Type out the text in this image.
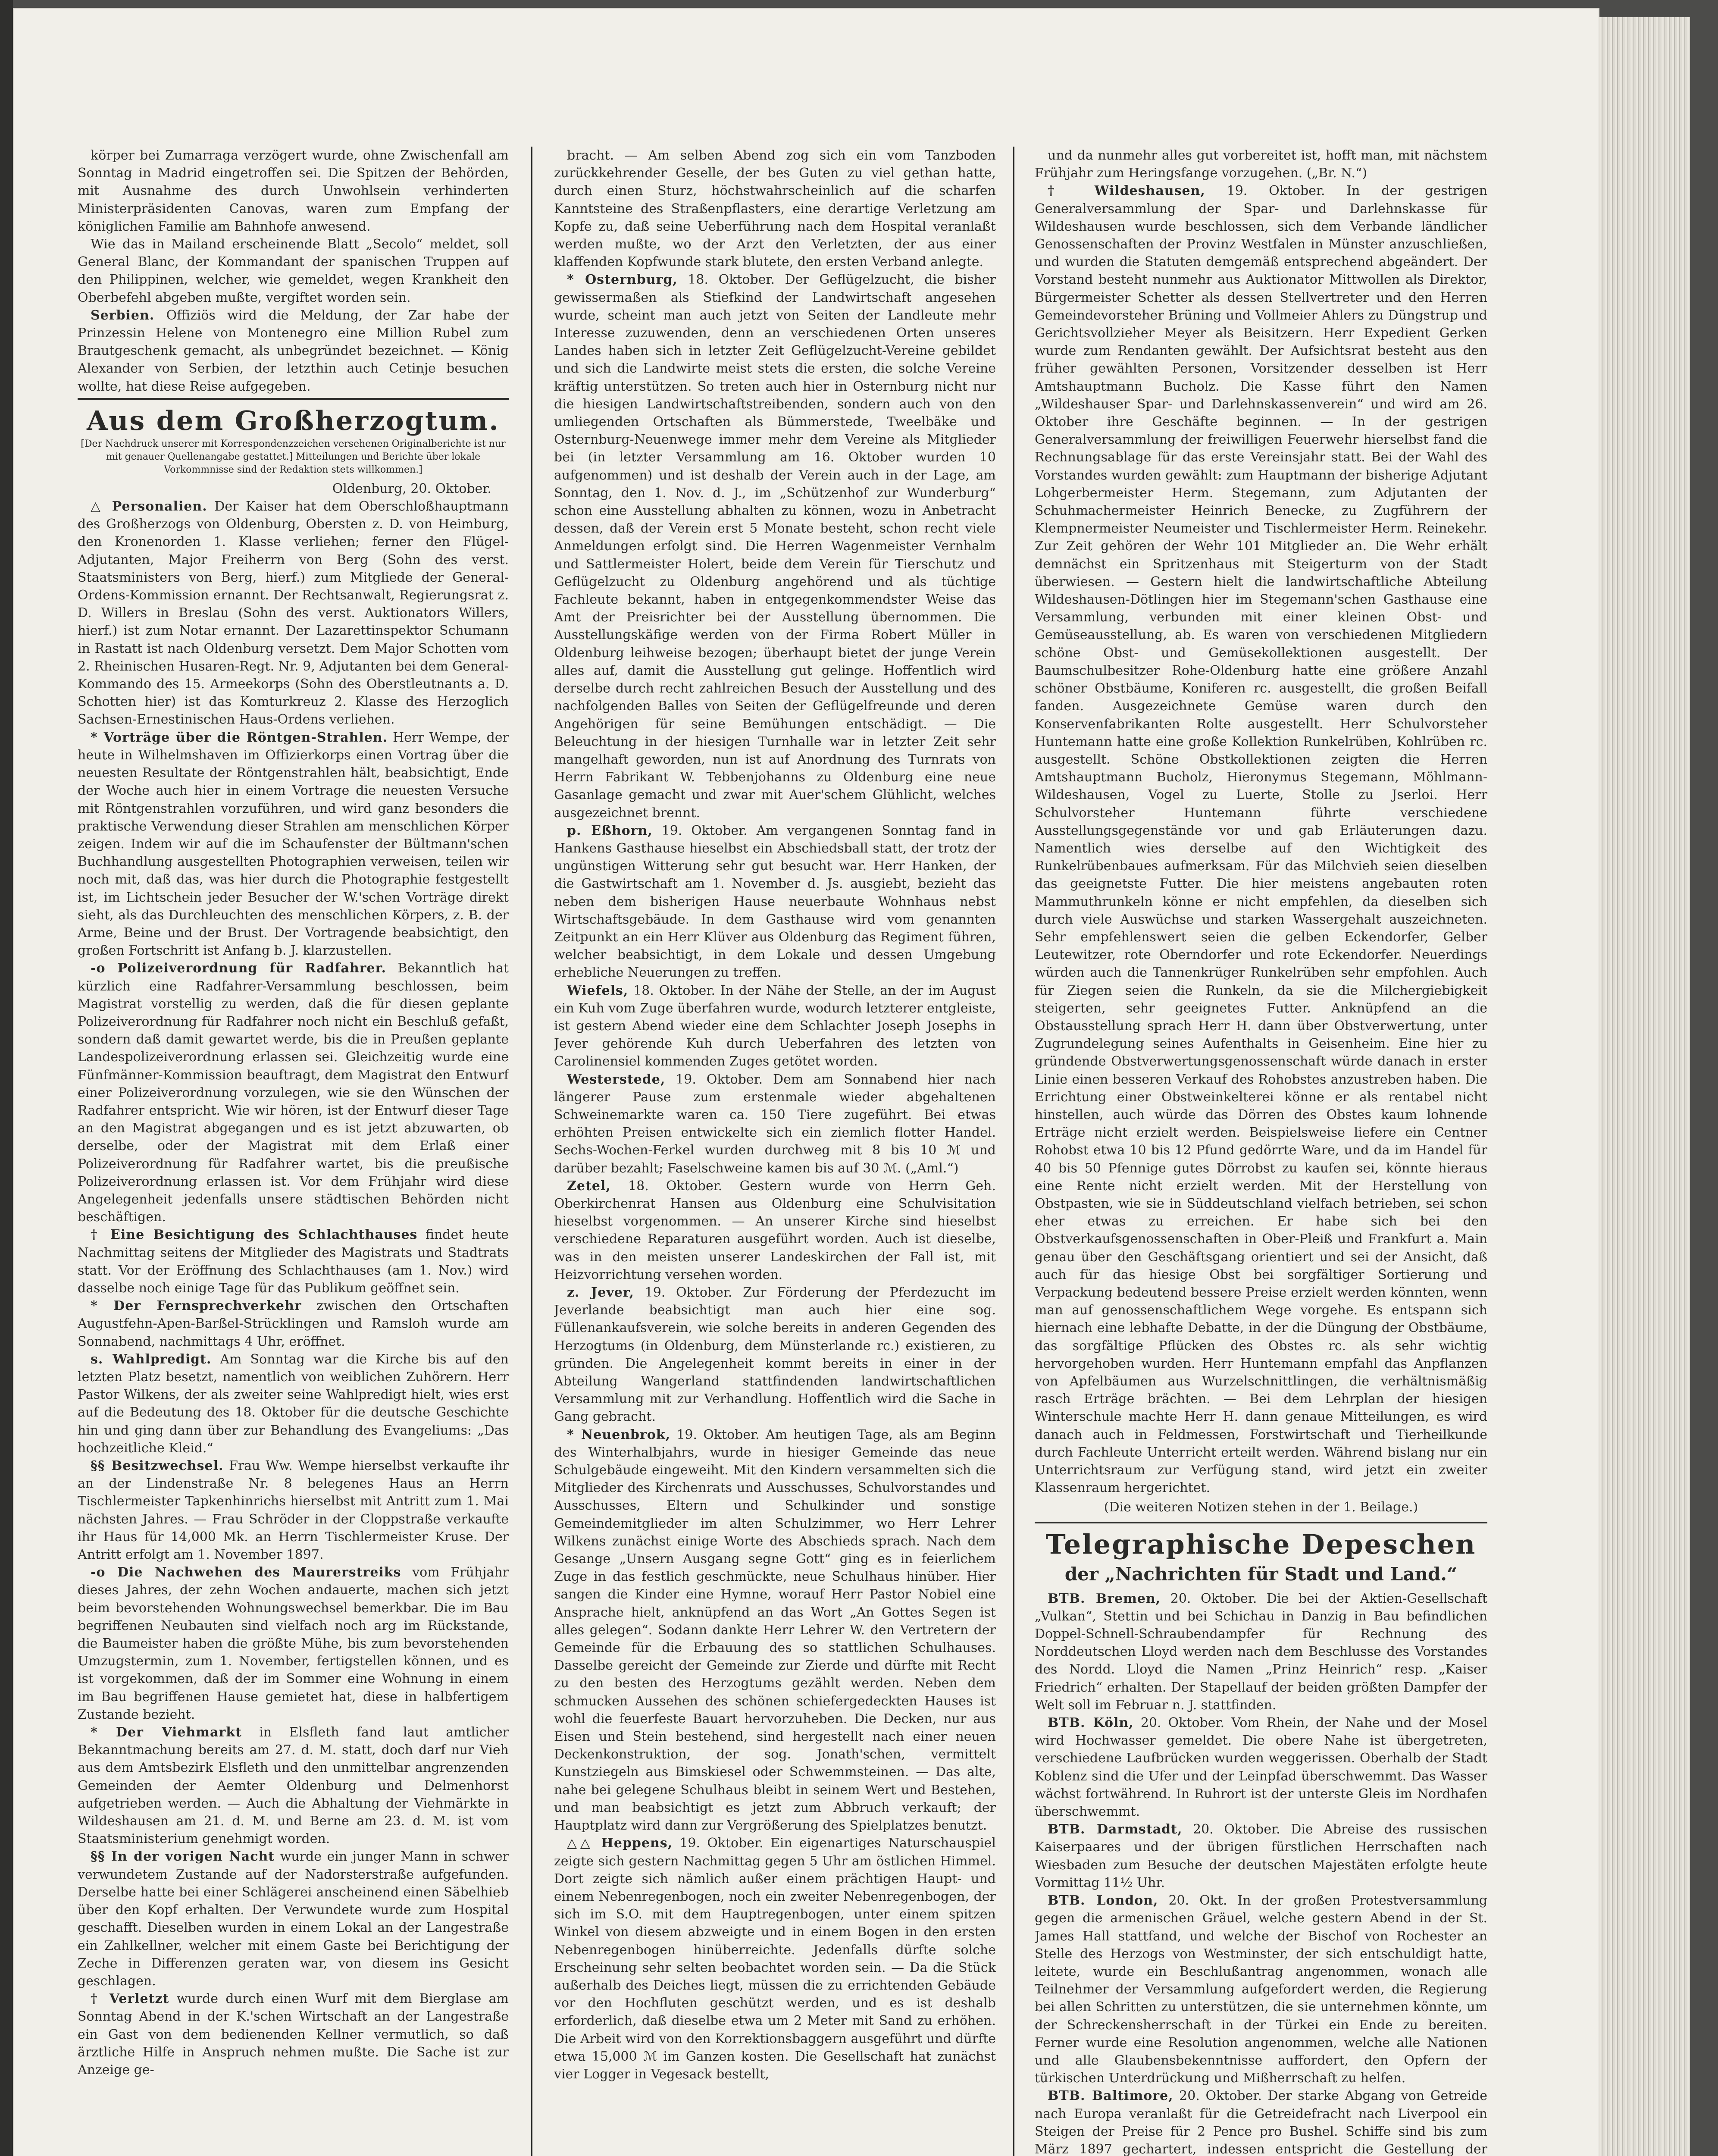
körper bei Zumarraga verzögert wurde, ohne Zwischenfall am Sonntag in Madrid eingetroffen sei. Die Spitzen der Behörden, mit Ausnahme des durch Unwohlsein verhinderten Ministerpräsidenten Canovas, waren zum Empfang der königlichen Familie am Bahnhofe anwesend.

Wie das in Mailand erscheinende Blatt „Secolo“ meldet, soll General Blanc, der Kommandant der spanischen Truppen auf den Philippinen, welcher, wie gemeldet, wegen Krankheit den Oberbefehl abgeben mußte, vergiftet worden sein.

Serbien. Offiziös wird die Meldung, der Zar habe der Prinzessin Helene von Montenegro eine Million Rubel zum Brautgeschenk gemacht, als unbegründet bezeichnet. — König Alexander von Serbien, der letzthin auch Cetinje besuchen wollte, hat diese Reise aufgegeben.

Aus dem Großherzogtum.

[Der Nachdruck unserer mit Korrespondenzzeichen versehenen Originalberichte ist nur mit genauer Quellenangabe gestattet.] Mitteilungen und Berichte über lokale Vorkommnisse sind der Redaktion stets willkommen.]

Oldenburg, 20. Oktober.

△ Personalien. Der Kaiser hat dem Oberschloßhauptmann des Großherzogs von Oldenburg, Obersten z. D. von Heimburg, den Kronenorden 1. Klasse verliehen; ferner den Flügel-Adjutanten, Major Freiherrn von Berg (Sohn des verst. Staatsministers von Berg, hierf.) zum Mitgliede der General-Ordens-Kommission ernannt. Der Rechtsanwalt, Regierungsrat z. D. Willers in Breslau (Sohn des verst. Auktionators Willers, hierf.) ist zum Notar ernannt. Der Lazarettinspektor Schumann in Rastatt ist nach Oldenburg versetzt. Dem Major Schotten vom 2. Rheinischen Husaren-Regt. Nr. 9, Adjutanten bei dem General-Kommando des 15. Armeekorps (Sohn des Oberstleutnants a. D. Schotten hier) ist das Komturkreuz 2. Klasse des Herzoglich Sachsen-Ernestinischen Haus-Ordens verliehen.

* Vorträge über die Röntgen-Strahlen. Herr Wempe, der heute in Wilhelmshaven im Offizierkorps einen Vortrag über die neuesten Resultate der Röntgenstrahlen hält, beabsichtigt, Ende der Woche auch hier in einem Vortrage die neuesten Versuche mit Röntgenstrahlen vorzuführen, und wird ganz besonders die praktische Verwendung dieser Strahlen am menschlichen Körper zeigen. Indem wir auf die im Schaufenster der Bültmann'schen Buchhandlung ausgestellten Photographien verweisen, teilen wir noch mit, daß das, was hier durch die Photographie festgestellt ist, im Lichtschein jeder Besucher der W.'schen Vorträge direkt sieht, als das Durchleuchten des menschlichen Körpers, z. B. der Arme, Beine und der Brust. Der Vortragende beabsichtigt, den großen Fortschritt ist Anfang b. J. klarzustellen.

-o Polizeiverordnung für Radfahrer. Bekanntlich hat kürzlich eine Radfahrer-Versammlung beschlossen, beim Magistrat vorstellig zu werden, daß die für diesen geplante Polizeiverordnung für Radfahrer noch nicht ein Beschluß gefaßt, sondern daß damit gewartet werde, bis die in Preußen geplante Landespolizeiverordnung erlassen sei. Gleichzeitig wurde eine Fünfmänner-Kommission beauftragt, dem Magistrat den Entwurf einer Polizeiverordnung vorzulegen, wie sie den Wünschen der Radfahrer entspricht. Wie wir hören, ist der Entwurf dieser Tage an den Magistrat abgegangen und es ist jetzt abzuwarten, ob derselbe, oder der Magistrat mit dem Erlaß einer Polizeiverordnung für Radfahrer wartet, bis die preußische Polizeiverordnung erlassen ist. Vor dem Frühjahr wird diese Angelegenheit jedenfalls unsere städtischen Behörden nicht beschäftigen.

† Eine Besichtigung des Schlachthauses findet heute Nachmittag seitens der Mitglieder des Magistrats und Stadtrats statt. Vor der Eröffnung des Schlachthauses (am 1. Nov.) wird dasselbe noch einige Tage für das Publikum geöffnet sein.

* Der Fernsprechverkehr zwischen den Ortschaften Augustfehn-Apen-Barßel-Strücklingen und Ramsloh wurde am Sonnabend, nachmittags 4 Uhr, eröffnet.

s. Wahlpredigt. Am Sonntag war die Kirche bis auf den letzten Platz besetzt, namentlich von weiblichen Zuhörern. Herr Pastor Wilkens, der als zweiter seine Wahlpredigt hielt, wies erst auf die Bedeutung des 18. Oktober für die deutsche Geschichte hin und ging dann über zur Behandlung des Evangeliums: „Das hochzeitliche Kleid.“

§§ Besitzwechsel. Frau Ww. Wempe hierselbst verkaufte ihr an der Lindenstraße Nr. 8 belegenes Haus an Herrn Tischlermeister Tapkenhinrichs hierselbst mit Antritt zum 1. Mai nächsten Jahres. — Frau Schröder in der Cloppstraße verkaufte ihr Haus für 14,000 Mk. an Herrn Tischlermeister Kruse. Der Antritt erfolgt am 1. November 1897.

-o Die Nachwehen des Maurerstreiks vom Frühjahr dieses Jahres, der zehn Wochen andauerte, machen sich jetzt beim bevorstehenden Wohnungswechsel bemerkbar. Die im Bau begriffenen Neubauten sind vielfach noch arg im Rückstande, die Baumeister haben die größte Mühe, bis zum bevorstehenden Umzugstermin, zum 1. November, fertigstellen können, und es ist vorgekommen, daß der im Sommer eine Wohnung in einem im Bau begriffenen Hause gemietet hat, diese in halbfertigem Zustande bezieht.

* Der Viehmarkt in Elsfleth fand laut amtlicher Bekanntmachung bereits am 27. d. M. statt, doch darf nur Vieh aus dem Amtsbezirk Elsfleth und den unmittelbar angrenzenden Gemeinden der Aemter Oldenburg und Delmenhorst aufgetrieben werden. — Auch die Abhaltung der Viehmärkte in Wildeshausen am 21. d. M. und Berne am 23. d. M. ist vom Staatsministerium genehmigt worden.

§§ In der vorigen Nacht wurde ein junger Mann in schwer verwundetem Zustande auf der Nadorsterstraße aufgefunden. Derselbe hatte bei einer Schlägerei anscheinend einen Säbelhieb über den Kopf erhalten. Der Verwundete wurde zum Hospital geschafft. Dieselben wurden in einem Lokal an der Langestraße ein Zahlkellner, welcher mit einem Gaste bei Berichtigung der Zeche in Differenzen geraten war, von diesem ins Gesicht geschlagen.

† Verletzt wurde durch einen Wurf mit dem Bierglase am Sonntag Abend in der K.'schen Wirtschaft an der Langestraße ein Gast von dem bedienenden Kellner vermutlich, so daß ärztliche Hilfe in Anspruch nehmen mußte. Die Sache ist zur Anzeige ge-

bracht. — Am selben Abend zog sich ein vom Tanzboden zurückkehrender Geselle, der bes Guten zu viel gethan hatte, durch einen Sturz, höchstwahrscheinlich auf die scharfen Kanntsteine des Straßenpflasters, eine derartige Verletzung am Kopfe zu, daß seine Ueberführung nach dem Hospital veranlaßt werden mußte, wo der Arzt den Verletzten, der aus einer klaffenden Kopfwunde stark blutete, den ersten Verband anlegte.

* Osternburg, 18. Oktober. Der Geflügelzucht, die bisher gewissermaßen als Stiefkind der Landwirtschaft angesehen wurde, scheint man auch jetzt von Seiten der Landleute mehr Interesse zuzuwenden, denn an verschiedenen Orten unseres Landes haben sich in letzter Zeit Geflügelzucht-Vereine gebildet und sich die Landwirte meist stets die ersten, die solche Vereine kräftig unterstützen. So treten auch hier in Osternburg nicht nur die hiesigen Landwirtschaftstreibenden, sondern auch von den umliegenden Ortschaften als Bümmerstede, Tweelbäke und Osternburg-Neuenwege immer mehr dem Vereine als Mitglieder bei (in letzter Versammlung am 16. Oktober wurden 10 aufgenommen) und ist deshalb der Verein auch in der Lage, am Sonntag, den 1. Nov. d. J., im „Schützenhof zur Wunderburg“ schon eine Ausstellung abhalten zu können, wozu in Anbetracht dessen, daß der Verein erst 5 Monate besteht, schon recht viele Anmeldungen erfolgt sind. Die Herren Wagenmeister Vernhalm und Sattlermeister Holert, beide dem Verein für Tierschutz und Geflügelzucht zu Oldenburg angehörend und als tüchtige Fachleute bekannt, haben in entgegenkommendster Weise das Amt der Preisrichter bei der Ausstellung übernommen. Die Ausstellungskäfige werden von der Firma Robert Müller in Oldenburg leihweise bezogen; überhaupt bietet der junge Verein alles auf, damit die Ausstellung gut gelinge. Hoffentlich wird derselbe durch recht zahlreichen Besuch der Ausstellung und des nachfolgenden Balles von Seiten der Geflügelfreunde und deren Angehörigen für seine Bemühungen entschädigt. — Die Beleuchtung in der hiesigen Turnhalle war in letzter Zeit sehr mangelhaft geworden, nun ist auf Anordnung des Turnrats von Herrn Fabrikant W. Tebbenjohanns zu Oldenburg eine neue Gasanlage gemacht und zwar mit Auer'schem Glühlicht, welches ausgezeichnet brennt.

p. Eßhorn, 19. Oktober. Am vergangenen Sonntag fand in Hankens Gasthause hieselbst ein Abschiedsball statt, der trotz der ungünstigen Witterung sehr gut besucht war. Herr Hanken, der die Gastwirtschaft am 1. November d. Js. ausgiebt, bezieht das neben dem bisherigen Hause neuerbaute Wohnhaus nebst Wirtschaftsgebäude. In dem Gasthause wird vom genannten Zeitpunkt an ein Herr Klüver aus Oldenburg das Regiment führen, welcher beabsichtigt, in dem Lokale und dessen Umgebung erhebliche Neuerungen zu treffen.

Wiefels, 18. Oktober. In der Nähe der Stelle, an der im August ein Kuh vom Zuge überfahren wurde, wodurch letzterer entgleiste, ist gestern Abend wieder eine dem Schlachter Joseph Josephs in Jever gehörende Kuh durch Ueberfahren des letzten von Carolinensiel kommenden Zuges getötet worden.

Westerstede, 19. Oktober. Dem am Sonnabend hier nach längerer Pause zum erstenmale wieder abgehaltenen Schweinemarkte waren ca. 150 Tiere zugeführt. Bei etwas erhöhten Preisen entwickelte sich ein ziemlich flotter Handel. Sechs-Wochen-Ferkel wurden durchweg mit 8 bis 10 ℳ und darüber bezahlt; Faselschweine kamen bis auf 30 ℳ. („Aml.“)

Zetel, 18. Oktober. Gestern wurde von Herrn Geh. Oberkirchenrat Hansen aus Oldenburg eine Schulvisitation hieselbst vorgenommen. — An unserer Kirche sind hieselbst verschiedene Reparaturen ausgeführt worden. Auch ist dieselbe, was in den meisten unserer Landeskirchen der Fall ist, mit Heizvorrichtung versehen worden.

z. Jever, 19. Oktober. Zur Förderung der Pferdezucht im Jeverlande beabsichtigt man auch hier eine sog. Füllenankaufsverein, wie solche bereits in anderen Gegenden des Herzogtums (in Oldenburg, dem Münsterlande rc.) existieren, zu gründen. Die Angelegenheit kommt bereits in einer in der Abteilung Wangerland stattfindenden landwirtschaftlichen Versammlung mit zur Verhandlung. Hoffentlich wird die Sache in Gang gebracht.

* Neuenbrok, 19. Oktober. Am heutigen Tage, als am Beginn des Winterhalbjahrs, wurde in hiesiger Gemeinde das neue Schulgebäude eingeweiht. Mit den Kindern versammelten sich die Mitglieder des Kirchenrats und Ausschusses, Schulvorstandes und Ausschusses, Eltern und Schulkinder und sonstige Gemeindemitglieder im alten Schulzimmer, wo Herr Lehrer Wilkens zunächst einige Worte des Abschieds sprach. Nach dem Gesange „Unsern Ausgang segne Gott“ ging es in feierlichem Zuge in das festlich geschmückte, neue Schulhaus hinüber. Hier sangen die Kinder eine Hymne, worauf Herr Pastor Nobiel eine Ansprache hielt, anknüpfend an das Wort „An Gottes Segen ist alles gelegen“. Sodann dankte Herr Lehrer W. den Vertretern der Gemeinde für die Erbauung des so stattlichen Schulhauses. Dasselbe gereicht der Gemeinde zur Zierde und dürfte mit Recht zu den besten des Herzogtums gezählt werden. Neben dem schmucken Aussehen des schönen schiefergedeckten Hauses ist wohl die feuerfeste Bauart hervorzuheben. Die Decken, nur aus Eisen und Stein bestehend, sind hergestellt nach einer neuen Deckenkonstruktion, der sog. Jonath'schen, vermittelt Kunstziegeln aus Bimskiesel oder Schwemmsteinen. — Das alte, nahe bei gelegene Schulhaus bleibt in seinem Wert und Bestehen, und man beabsichtigt es jetzt zum Abbruch verkauft; der Hauptplatz wird dann zur Vergrößerung des Spielplatzes benutzt.

△△ Heppens, 19. Oktober. Ein eigenartiges Naturschauspiel zeigte sich gestern Nachmittag gegen 5 Uhr am östlichen Himmel. Dort zeigte sich nämlich außer einem prächtigen Haupt- und einem Nebenregenbogen, noch ein zweiter Nebenregenbogen, der sich im S.O. mit dem Hauptregenbogen, unter einem spitzen Winkel von diesem abzweigte und in einem Bogen in den ersten Nebenregenbogen hinüberreichte. Jedenfalls dürfte solche Erscheinung sehr selten beobachtet worden sein. — Da die Stück außerhalb des Deiches liegt, müssen die zu errichtenden Gebäude vor den Hochfluten geschützt werden, und es ist deshalb erforderlich, daß dieselbe etwa um 2 Meter mit Sand zu erhöhen. Die Arbeit wird von den Korrektionsbaggern ausgeführt und dürfte etwa 15,000 ℳ im Ganzen kosten. Die Gesellschaft hat zunächst vier Logger in Vegesack bestellt,

und da nunmehr alles gut vorbereitet ist, hofft man, mit nächstem Frühjahr zum Heringsfange vorzugehen. („Br. N.“)

† Wildeshausen, 19. Oktober. In der gestrigen Generalversammlung der Spar- und Darlehnskasse für Wildeshausen wurde beschlossen, sich dem Verbande ländlicher Genossenschaften der Provinz Westfalen in Münster anzuschließen, und wurden die Statuten demgemäß entsprechend abgeändert. Der Vorstand besteht nunmehr aus Auktionator Mittwollen als Direktor, Bürgermeister Schetter als dessen Stellvertreter und den Herren Gemeindevorsteher Brüning und Vollmeier Ahlers zu Düngstrup und Gerichtsvollzieher Meyer als Beisitzern. Herr Expedient Gerken wurde zum Rendanten gewählt. Der Aufsichtsrat besteht aus den früher gewählten Personen, Vorsitzender desselben ist Herr Amtshauptmann Bucholz. Die Kasse führt den Namen „Wildeshauser Spar- und Darlehnskassenverein“ und wird am 26. Oktober ihre Geschäfte beginnen. — In der gestrigen Generalversammlung der freiwilligen Feuerwehr hierselbst fand die Rechnungsablage für das erste Vereinsjahr statt. Bei der Wahl des Vorstandes wurden gewählt: zum Hauptmann der bisherige Adjutant Lohgerbermeister Herm. Stegemann, zum Adjutanten der Schuhmachermeister Heinrich Benecke, zu Zugführern der Klempnermeister Neumeister und Tischlermeister Herm. Reinekehr. Zur Zeit gehören der Wehr 101 Mitglieder an. Die Wehr erhält demnächst ein Spritzenhaus mit Steigerturm von der Stadt überwiesen. — Gestern hielt die landwirtschaftliche Abteilung Wildeshausen-Dötlingen hier im Stegemann'schen Gasthause eine Versammlung, verbunden mit einer kleinen Obst- und Gemüseausstellung, ab. Es waren von verschiedenen Mitgliedern schöne Obst- und Gemüsekollektionen ausgestellt. Der Baumschulbesitzer Rohe-Oldenburg hatte eine größere Anzahl schöner Obstbäume, Koniferen rc. ausgestellt, die großen Beifall fanden. Ausgezeichnete Gemüse waren durch den Konservenfabrikanten Rolte ausgestellt. Herr Schulvorsteher Huntemann hatte eine große Kollektion Runkelrüben, Kohlrüben rc. ausgestellt. Schöne Obstkollektionen zeigten die Herren Amtshauptmann Bucholz, Hieronymus Stegemann, Möhlmann-Wildeshausen, Vogel zu Luerte, Stolle zu Jserloi. Herr Schulvorsteher Huntemann führte verschiedene Ausstellungsgegenstände vor und gab Erläuterungen dazu. Namentlich wies derselbe auf den Wichtigkeit des Runkelrübenbaues aufmerksam. Für das Milchvieh seien dieselben das geeignetste Futter. Die hier meistens angebauten roten Mammuthrunkeln könne er nicht empfehlen, da dieselben sich durch viele Auswüchse und starken Wassergehalt auszeichneten. Sehr empfehlenswert seien die gelben Eckendorfer, Gelber Leutewitzer, rote Oberndorfer und rote Eckendorfer. Neuerdings würden auch die Tannenkrüger Runkelrüben sehr empfohlen. Auch für Ziegen seien die Runkeln, da sie die Milchergiebigkeit steigerten, sehr geeignetes Futter. Anknüpfend an die Obstausstellung sprach Herr H. dann über Obstverwertung, unter Zugrundelegung seines Aufenthalts in Geisenheim. Eine hier zu gründende Obstverwertungsgenossenschaft würde danach in erster Linie einen besseren Verkauf des Rohobstes anzustreben haben. Die Errichtung einer Obstweinkelterei könne er als rentabel nicht hinstellen, auch würde das Dörren des Obstes kaum lohnende Erträge nicht erzielt werden. Beispielsweise liefere ein Centner Rohobst etwa 10 bis 12 Pfund gedörrte Ware, und da im Handel für 40 bis 50 Pfennige gutes Dörrobst zu kaufen sei, könnte hieraus eine Rente nicht erzielt werden. Mit der Herstellung von Obstpasten, wie sie in Süddeutschland vielfach betrieben, sei schon eher etwas zu erreichen. Er habe sich bei den Obstverkaufsgenossenschaften in Ober-Pleiß und Frankfurt a. Main genau über den Geschäftsgang orientiert und sei der Ansicht, daß auch für das hiesige Obst bei sorgfältiger Sortierung und Verpackung bedeutend bessere Preise erzielt werden könnten, wenn man auf genossenschaftlichem Wege vorgehe. Es entspann sich hiernach eine lebhafte Debatte, in der die Düngung der Obstbäume, das sorgfältige Pflücken des Obstes rc. als sehr wichtig hervorgehoben wurden. Herr Huntemann empfahl das Anpflanzen von Apfelbäumen aus Wurzelschnittlingen, die verhältnismäßig rasch Erträge brächten. — Bei dem Lehrplan der hiesigen Winterschule machte Herr H. dann genaue Mitteilungen, es wird danach auch in Feldmessen, Forstwirtschaft und Tierheilkunde durch Fachleute Unterricht erteilt werden. Während bislang nur ein Unterrichtsraum zur Verfügung stand, wird jetzt ein zweiter Klassenraum hergerichtet.

(Die weiteren Notizen stehen in der 1. Beilage.)

Telegraphische Depeschen

der „Nachrichten für Stadt und Land.“

BTB. Bremen, 20. Oktober. Die bei der Aktien-Gesellschaft „Vulkan“, Stettin und bei Schichau in Danzig in Bau befindlichen Doppel-Schnell-Schraubendampfer für Rechnung des Norddeutschen Lloyd werden nach dem Beschlusse des Vorstandes des Nordd. Lloyd die Namen „Prinz Heinrich“ resp. „Kaiser Friedrich“ erhalten. Der Stapellauf der beiden größten Dampfer der Welt soll im Februar n. J. stattfinden.

BTB. Köln, 20. Oktober. Vom Rhein, der Nahe und der Mosel wird Hochwasser gemeldet. Die obere Nahe ist übergetreten, verschiedene Laufbrücken wurden weggerissen. Oberhalb der Stadt Koblenz sind die Ufer und der Leinpfad überschwemmt. Das Wasser wächst fortwährend. In Ruhrort ist der unterste Gleis im Nordhafen überschwemmt.

BTB. Darmstadt, 20. Oktober. Die Abreise des russischen Kaiserpaares und der übrigen fürstlichen Herrschaften nach Wiesbaden zum Besuche der deutschen Majestäten erfolgte heute Vormittag 11½ Uhr.

BTB. London, 20. Okt. In der großen Protestversammlung gegen die armenischen Gräuel, welche gestern Abend in der St. James Hall stattfand, und welche der Bischof von Rochester an Stelle des Herzogs von Westminster, der sich entschuldigt hatte, leitete, wurde ein Beschlußantrag angenommen, wonach alle Teilnehmer der Versammlung aufgefordert werden, die Regierung bei allen Schritten zu unterstützen, die sie unternehmen könnte, um der Schreckensherrschaft in der Türkei ein Ende zu bereiten. Ferner wurde eine Resolution angenommen, welche alle Nationen und alle Glaubensbekenntnisse auffordert, den Opfern der türkischen Unterdrückung und Mißherrschaft zu helfen.

BTB. Baltimore, 20. Oktober. Der starke Abgang von Getreide nach Europa veranlaßt für die Getreidefracht nach Liverpool ein Steigen der Preise für 2 Pence pro Bushel. Schiffe sind bis zum März 1897 gechartert, indessen entspricht die Gestellung der
